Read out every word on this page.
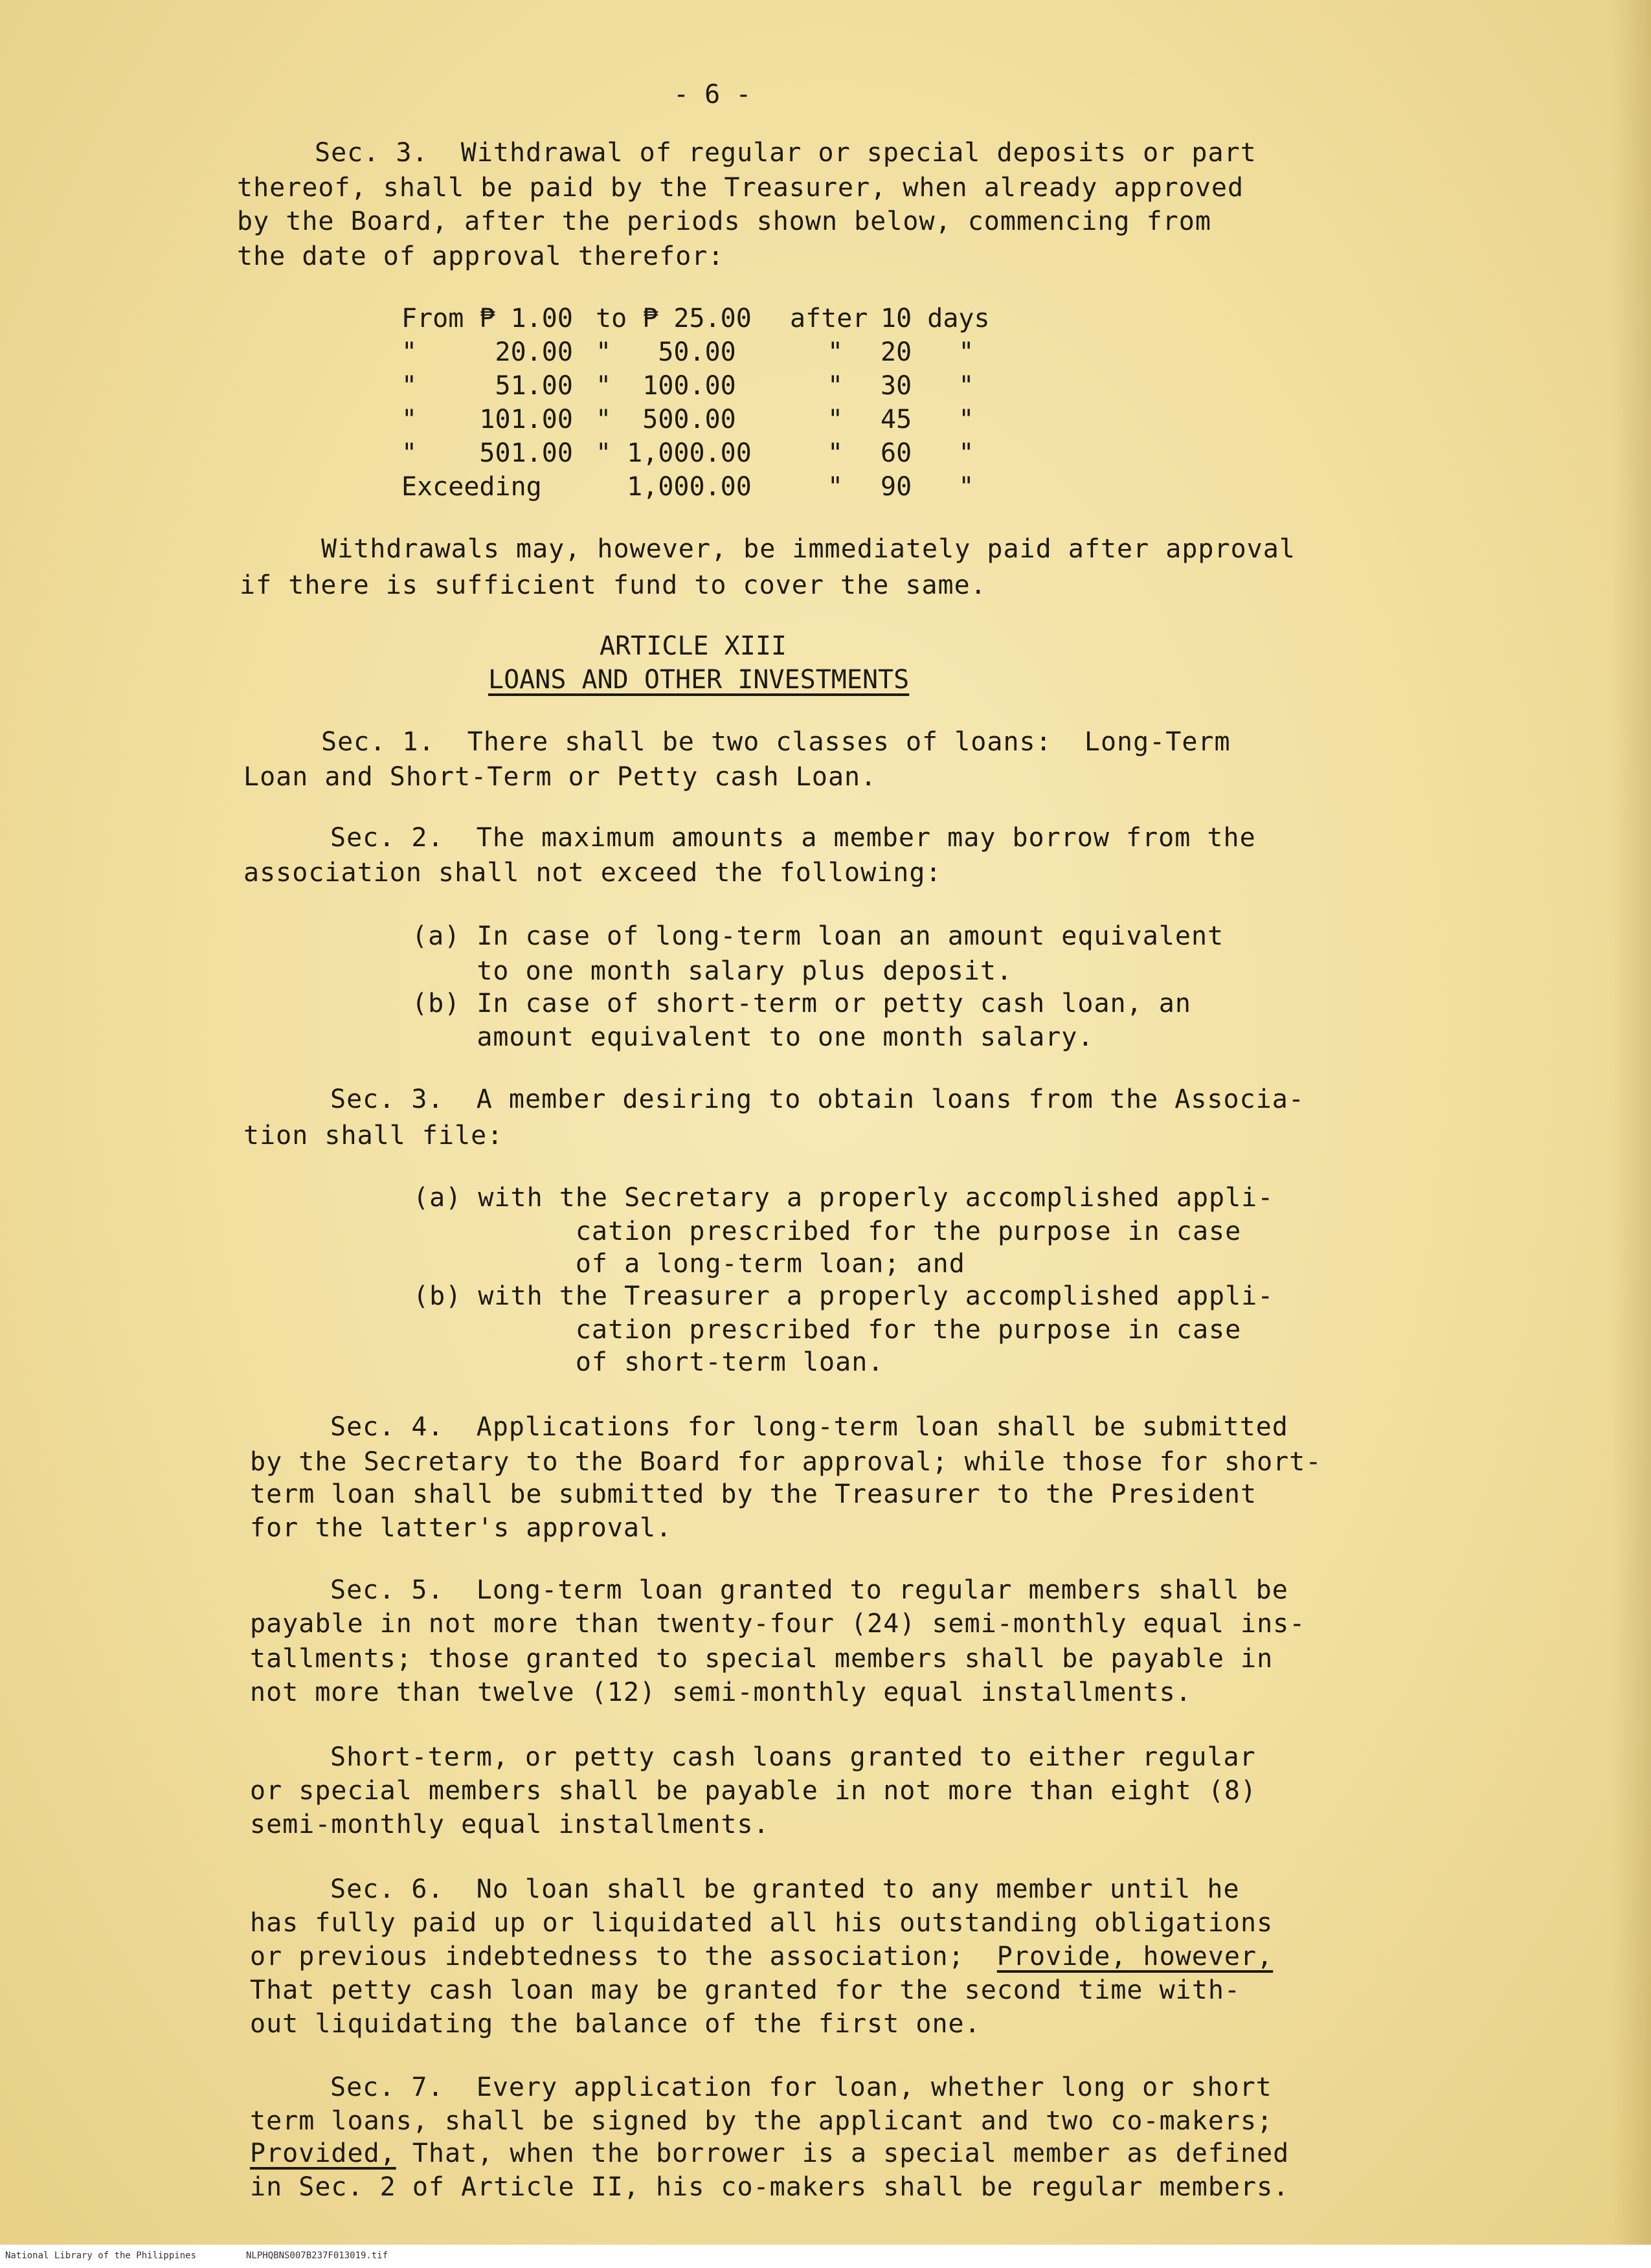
- 6 -
Sec. 3.  Withdrawal of regular or special deposits or part
thereof, shall be paid by the Treasurer, when already approved
by the Board, after the periods shown below, commencing from
the date of approval therefor:
From ₱ 1.00	to ₱ 25.00	after	10 days
"     20.00	"   50.00	"	20   "
"     51.00	"  100.00	"	30   "
"    101.00	"  500.00	"	45   "
"    501.00	" 1,000.00	"	60   "
Exceeding	1,000.00	"	90   "
Withdrawals may, however, be immediately paid after approval
if there is sufficient fund to cover the same.
ARTICLE XIII
LOANS AND OTHER INVESTMENTS
Sec. 1.  There shall be two classes of loans:  Long-Term
Loan and Short-Term or Petty cash Loan.
Sec. 2.  The maximum amounts a member may borrow from the
association shall not exceed the following:
(a) In case of long-term loan an amount equivalent
to one month salary plus deposit.
(b) In case of short-term or petty cash loan, an
amount equivalent to one month salary.
Sec. 3.  A member desiring to obtain loans from the Associa-
tion shall file:
(a) with the Secretary a properly accomplished appli-
cation prescribed for the purpose in case
of a long-term loan; and
(b) with the Treasurer a properly accomplished appli-
cation prescribed for the purpose in case
of short-term loan.
Sec. 4.  Applications for long-term loan shall be submitted
by the Secretary to the Board for approval; while those for short-
term loan shall be submitted by the Treasurer to the President
for the latter's approval.
Sec. 5.  Long-term loan granted to regular members shall be
payable in not more than twenty-four (24) semi-monthly equal ins-
tallments; those granted to special members shall be payable in
not more than twelve (12) semi-monthly equal installments.
Short-term, or petty cash loans granted to either regular
or special members shall be payable in not more than eight (8)
semi-monthly equal installments.
Sec. 6.  No loan shall be granted to any member until he
has fully paid up or liquidated all his outstanding obligations
or previous indebtedness to the association;  Provide, however,
That petty cash loan may be granted for the second time with-
out liquidating the balance of the first one.
Sec. 7.  Every application for loan, whether long or short
term loans, shall be signed by the applicant and two co-makers;
Provided, That, when the borrower is a special member as defined
in Sec. 2 of Article II, his co-makers shall be regular members.
National Library of the Philippines	NLPHQBNS007B237F013019.tif
